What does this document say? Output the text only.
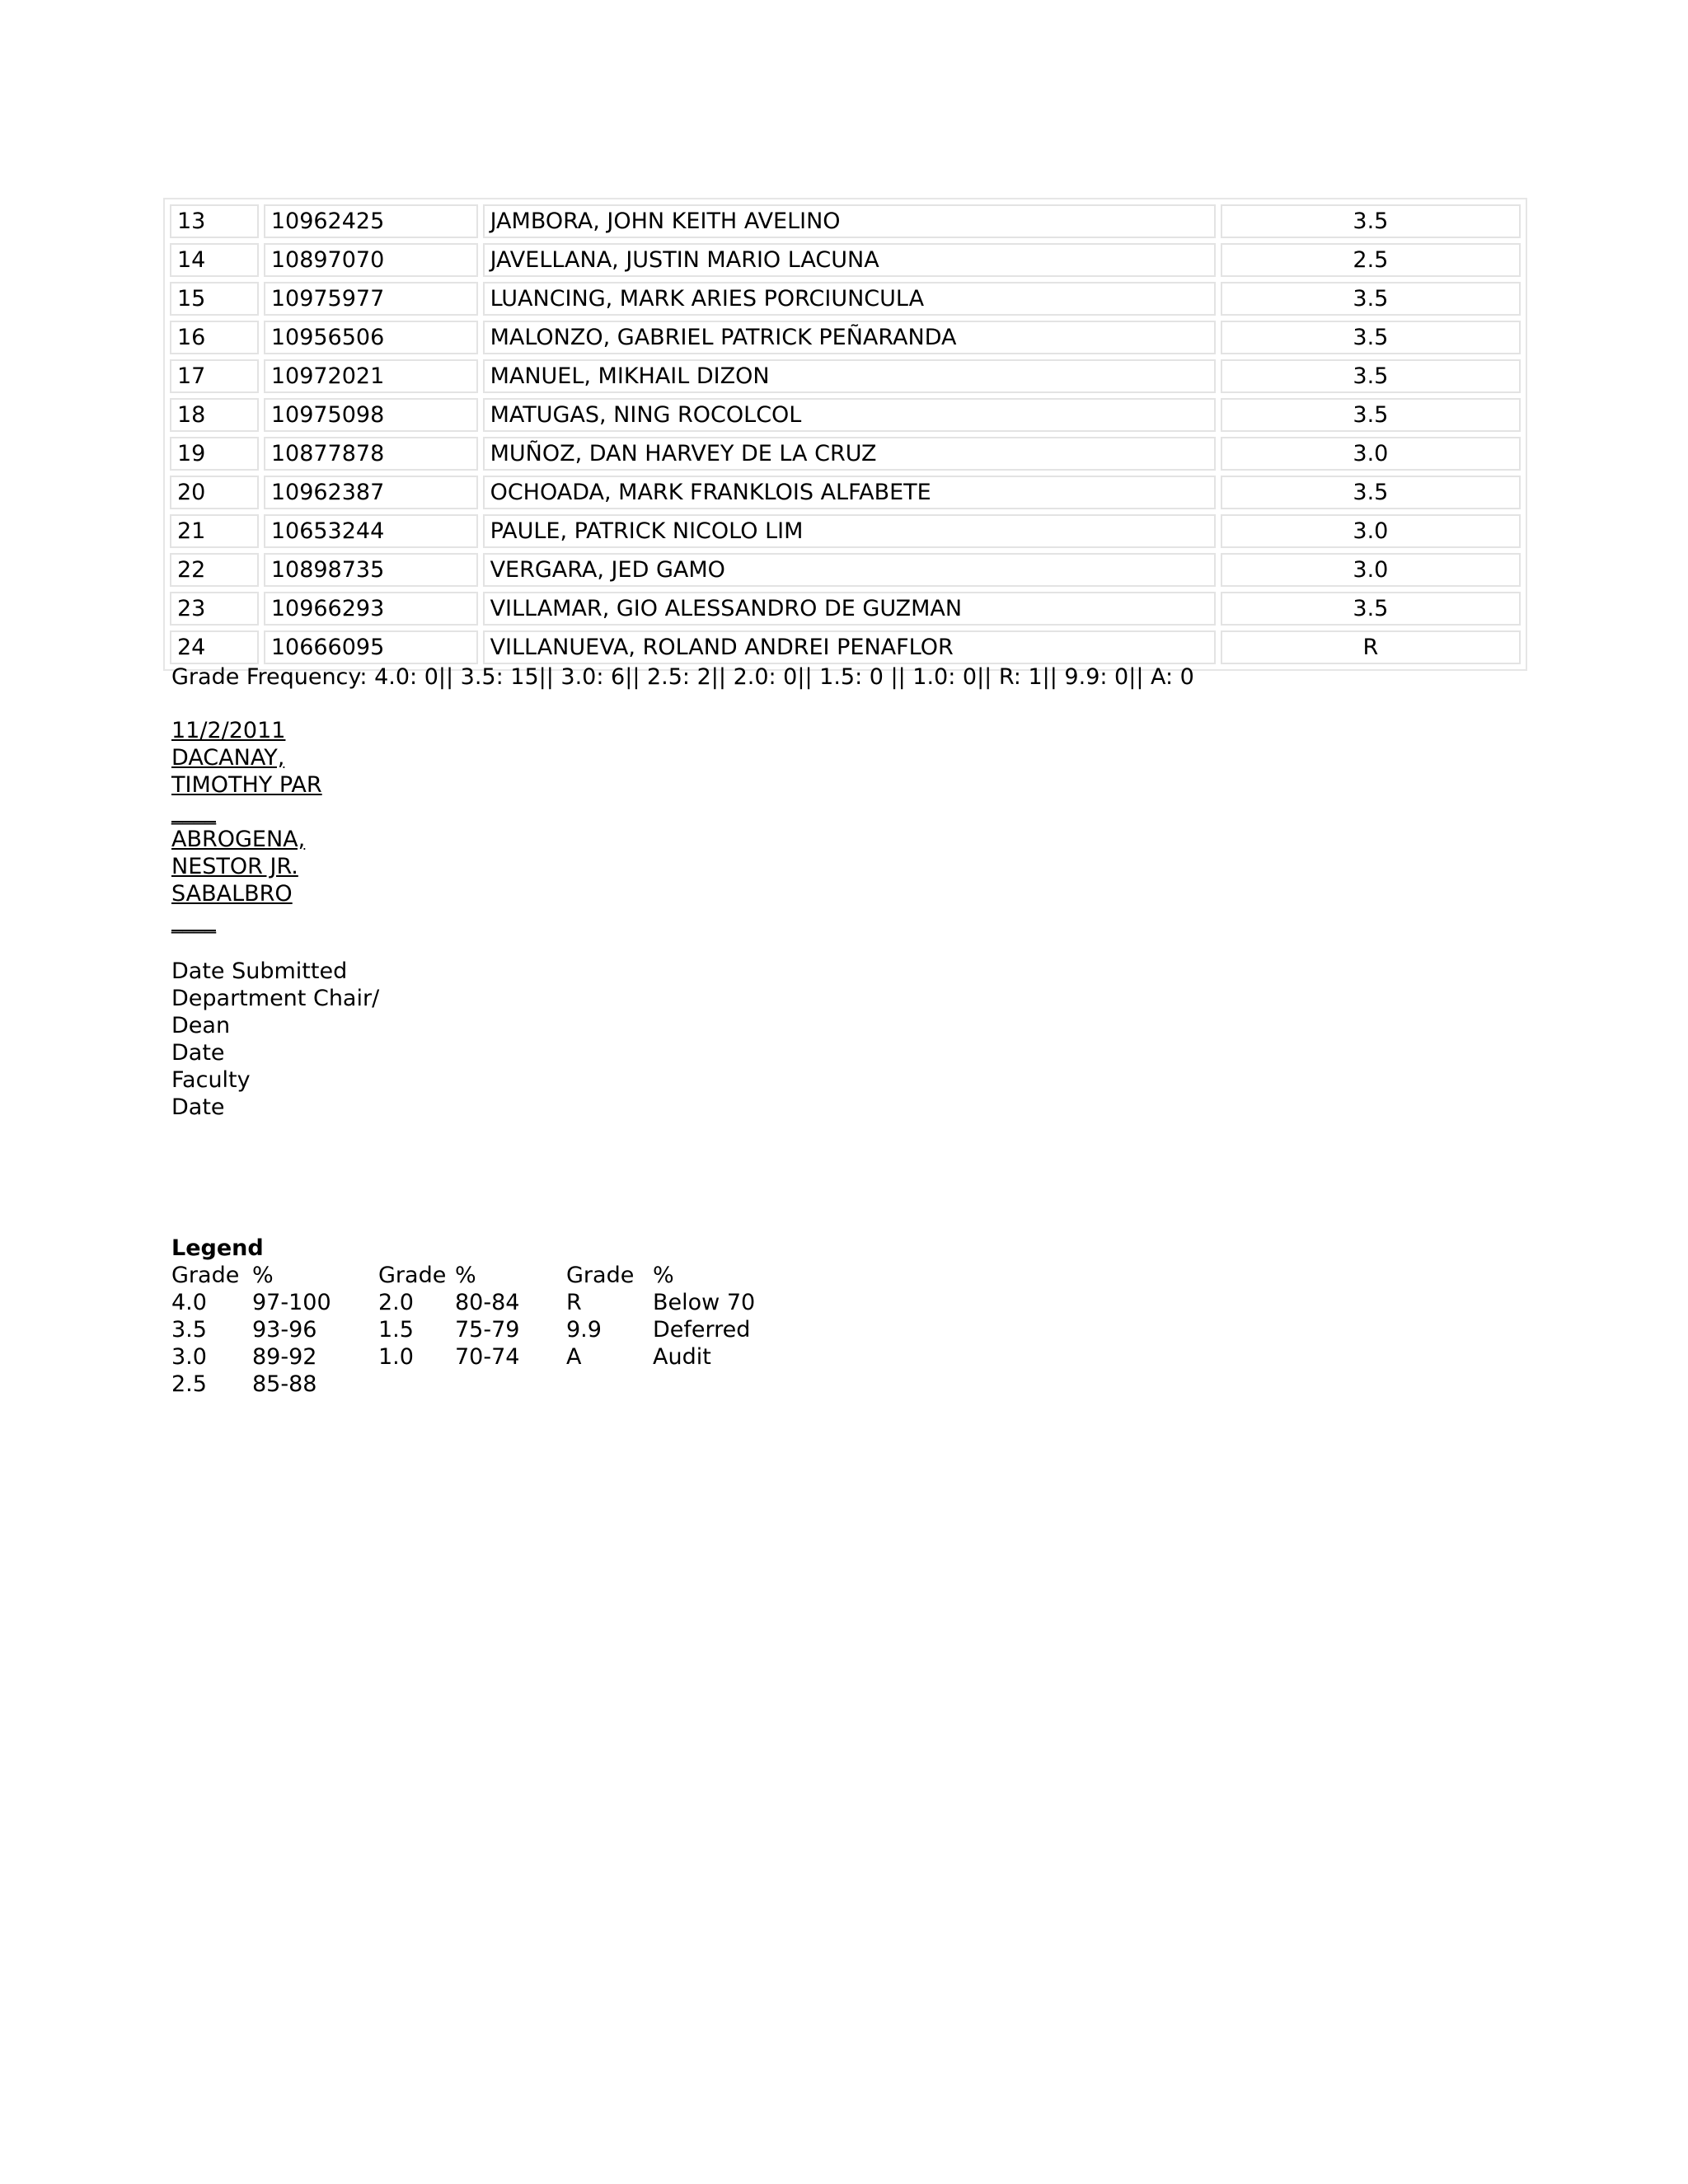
13	10962425	JAMBORA, JOHN KEITH AVELINO	3.5
14	10897070	JAVELLANA, JUSTIN MARIO LACUNA	2.5
15	10975977	LUANCING, MARK ARIES PORCIUNCULA	3.5
16	10956506	MALONZO, GABRIEL PATRICK PEÑARANDA	3.5
17	10972021	MANUEL, MIKHAIL DIZON	3.5
18	10975098	MATUGAS, NING ROCOLCOL	3.5
19	10877878	MUÑOZ, DAN HARVEY DE LA CRUZ	3.0
20	10962387	OCHOADA, MARK FRANKLOIS ALFABETE	3.5
21	10653244	PAULE, PATRICK NICOLO LIM	3.0
22	10898735	VERGARA, JED GAMO	3.0
23	10966293	VILLAMAR, GIO ALESSANDRO DE GUZMAN	3.5
24	10666095	VILLANUEVA, ROLAND ANDREI PENAFLOR	R
Grade Frequency: 4.0: 0|| 3.5: 15|| 3.0: 6|| 2.5: 2|| 2.0: 0|| 1.5: 0 || 1.0: 0|| R: 1|| 9.9: 0|| A: 0
11/2/2011
DACANAY,
TIMOTHY PAR
____
ABROGENA,
NESTOR JR.
SABALBRO
____
Date Submitted
Department Chair/
Dean
Date
Faculty
Date
Legend
Grade	%	Grade	%	Grade	%
4.0	97-100	2.0	80-84	R	Below 70
3.5	93-96	1.5	75-79	9.9	Deferred
3.0	89-92	1.0	70-74	A	Audit
2.5	85-88				
